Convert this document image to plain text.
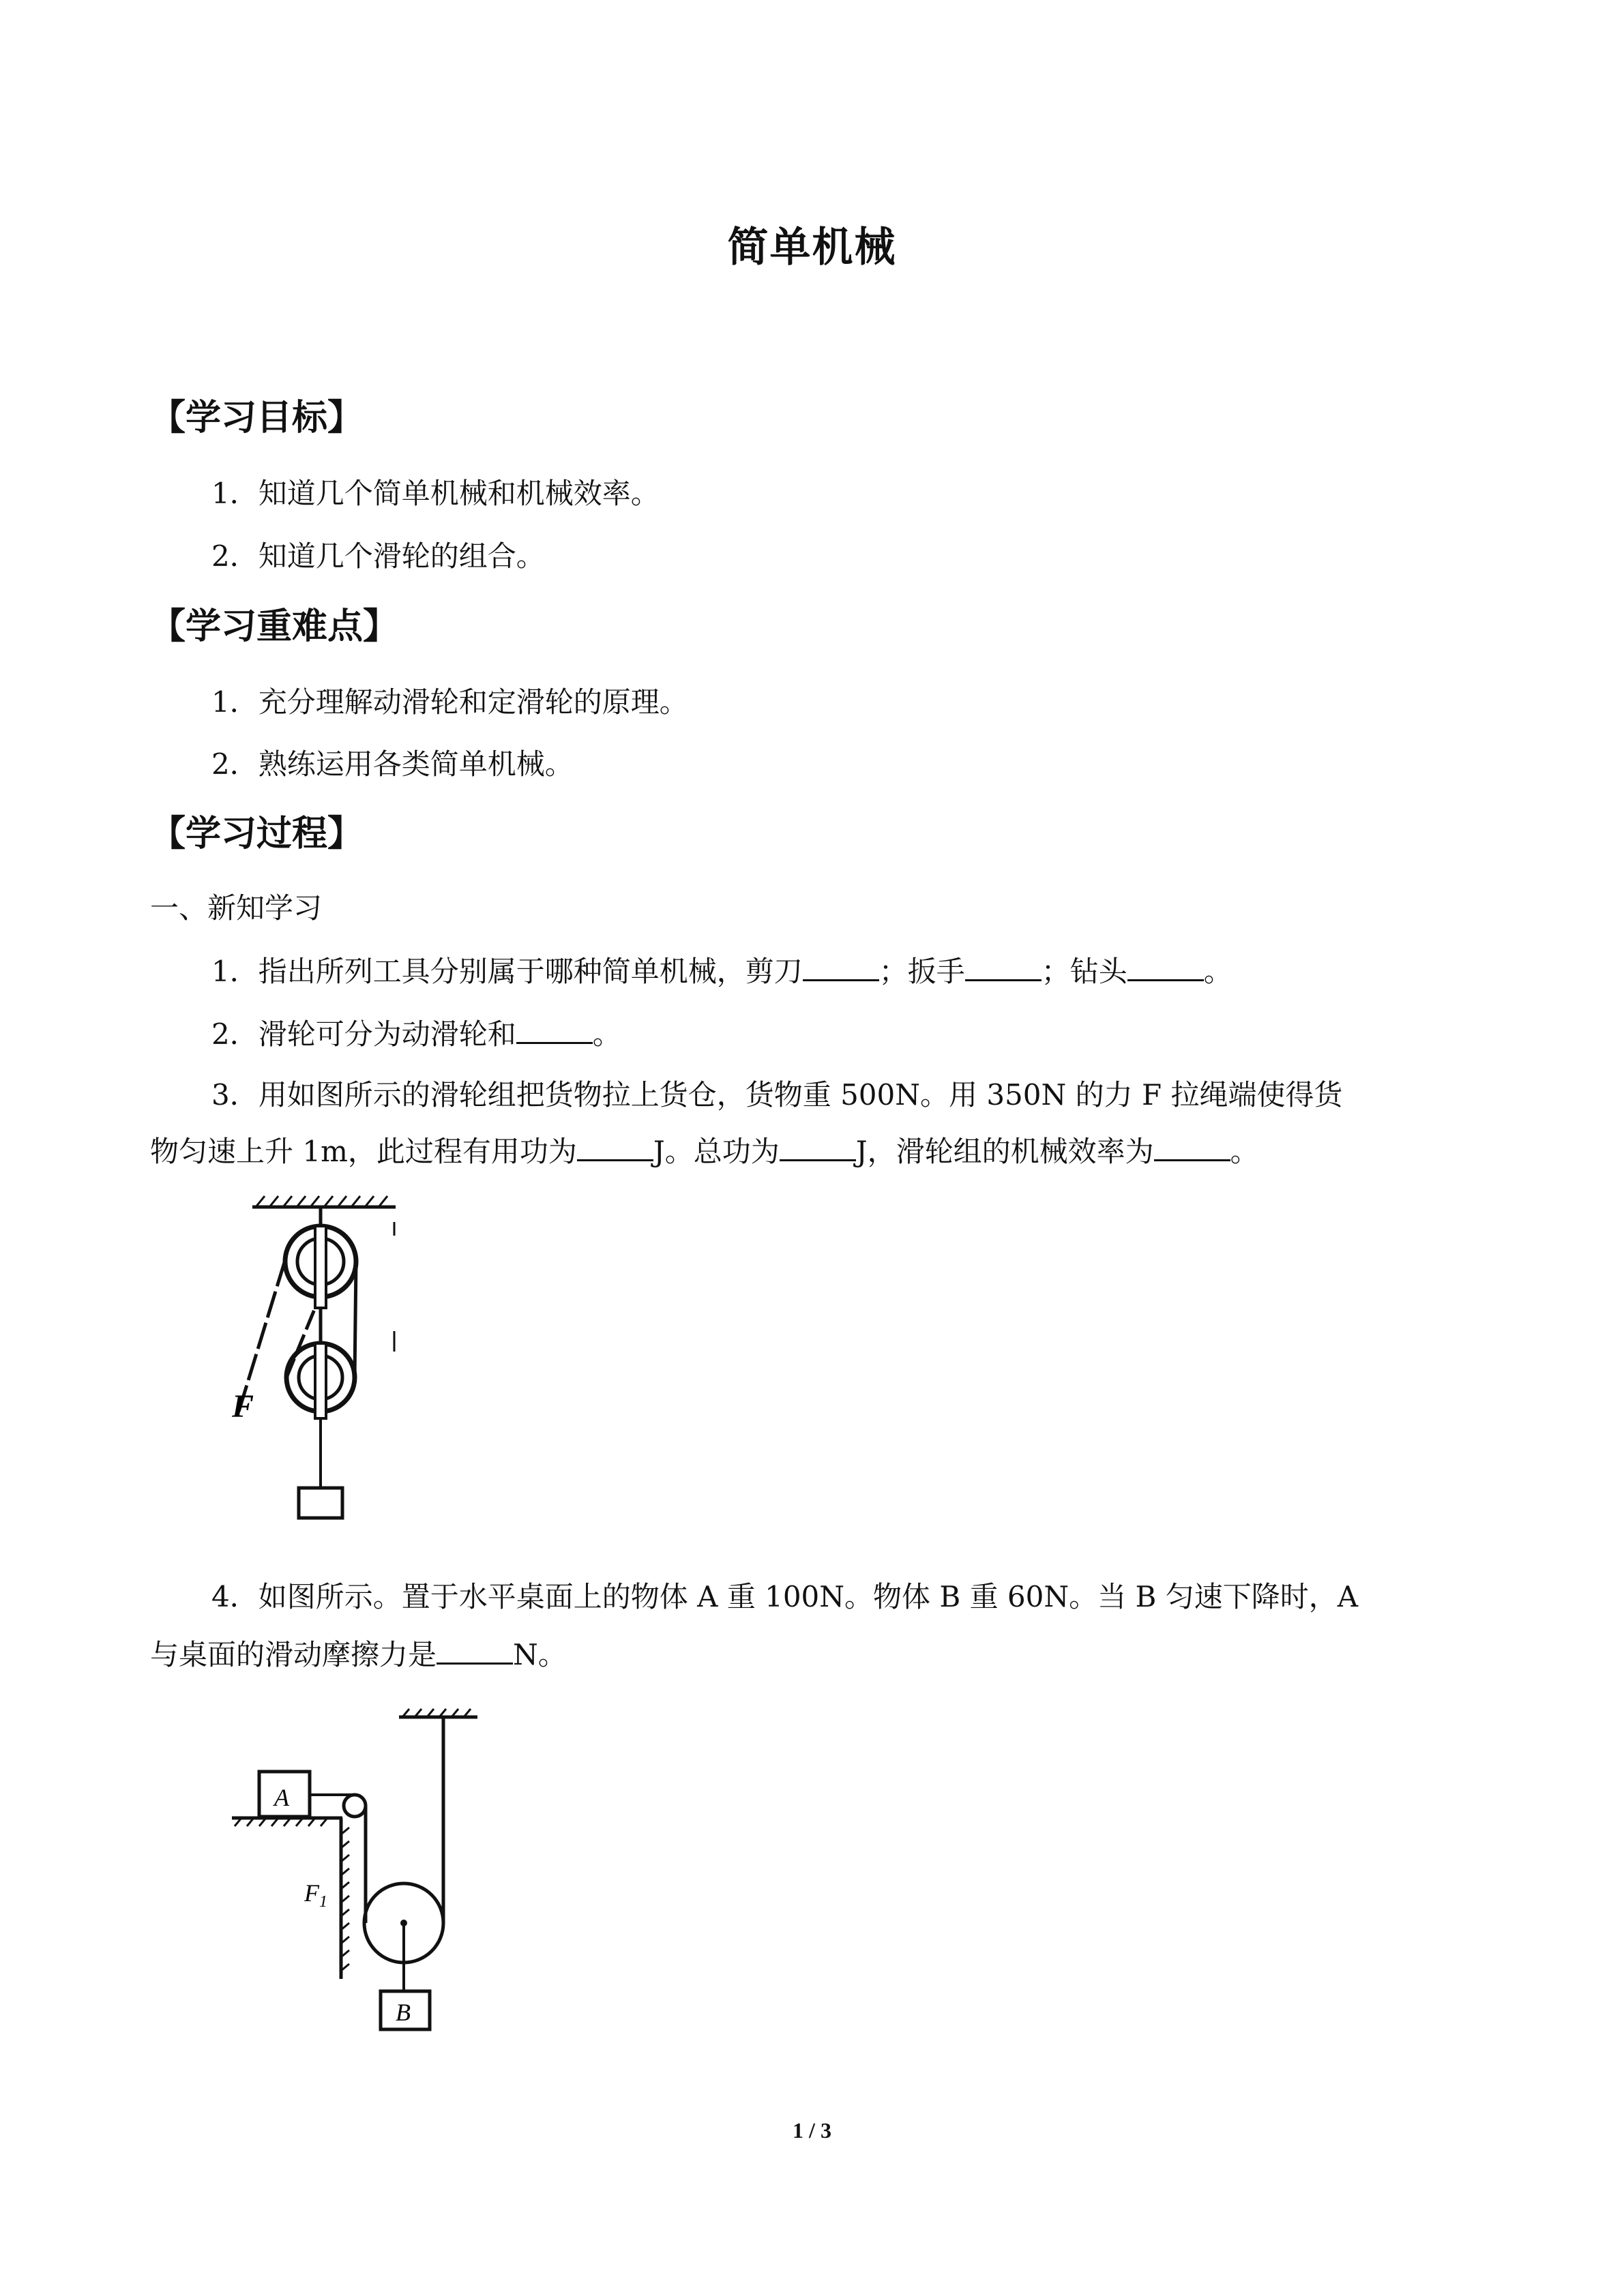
简单机械
【学习目标】
1．知道几个简单机械和机械效率。
2．知道几个滑轮的组合。
【学习重难点】
1．充分理解动滑轮和定滑轮的原理。
2．熟练运用各类简单机械。
【学习过程】
一、新知学习
1．指出所列工具分别属于哪种简单机械，剪刀	；扳手	；钻头	。
2．滑轮可分为动滑轮和	。
3．用如图所示的滑轮组把货物拉上货仓，货物重 500N。用 350N 的力 F 拉绳端使得货
物匀速上升 1m，此过程有用功为	J。总功为	J，滑轮组的机械效率为	。
F
4．如图所示。置于水平桌面上的物体 A 重 100N。物体 B 重 60N。当 B 匀速下降时，A
与桌面的滑动摩擦力是	N。
A
B
$F_1$
1 / 3
